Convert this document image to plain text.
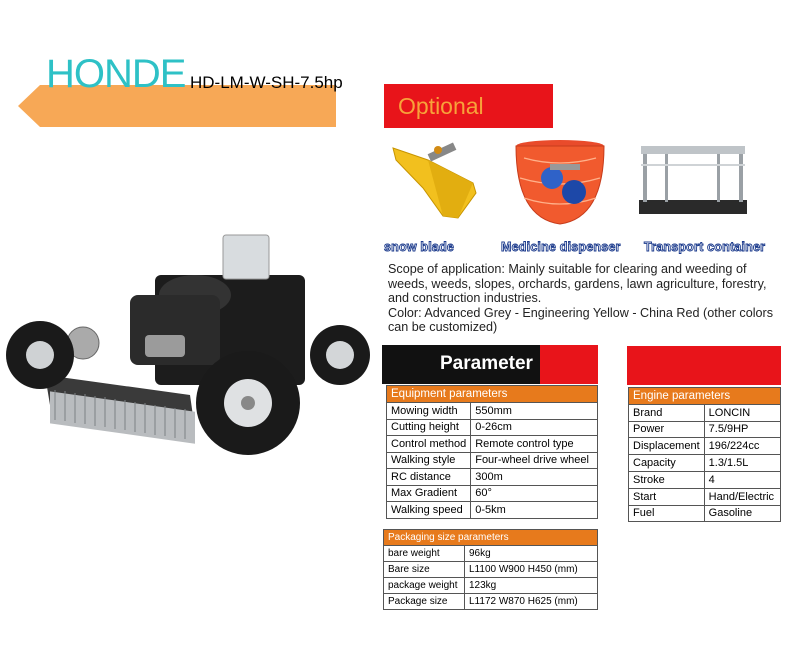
HONDE HD-LM-W-SH-7.5hp
Optional
snow blade	Medicine dispenser Transport container

Scope of application: Mainly suitable for clearing and weeding of weeds, weeds, slopes, orchards, gardens, lawn agriculture, forestry, and construction industries.

Color: Advanced Grey - Engineering Yellow - China Red (other colors can be customized)

Parameter
Equipment parameters	
Mowing width	550mm
Cutting height	0-26cm
Control method	Remote control type
Walking style	Four-wheel drive wheel
RC distance	300m
Max Gradient	60°
Walking speed	0-5km
Engine parameters	
Brand	LONCIN
Power	7.5/9HP
Displacement	196/224cc
Capacity	1.3/1.5L
Stroke	4
Start	Hand/Electric
Fuel	Gasoline
Packaging size parameters	
bare weight	96kg
Bare size	L1100 W900 H450 (mm)
package weight	123kg
Package size	L1172 W870 H625 (mm)
